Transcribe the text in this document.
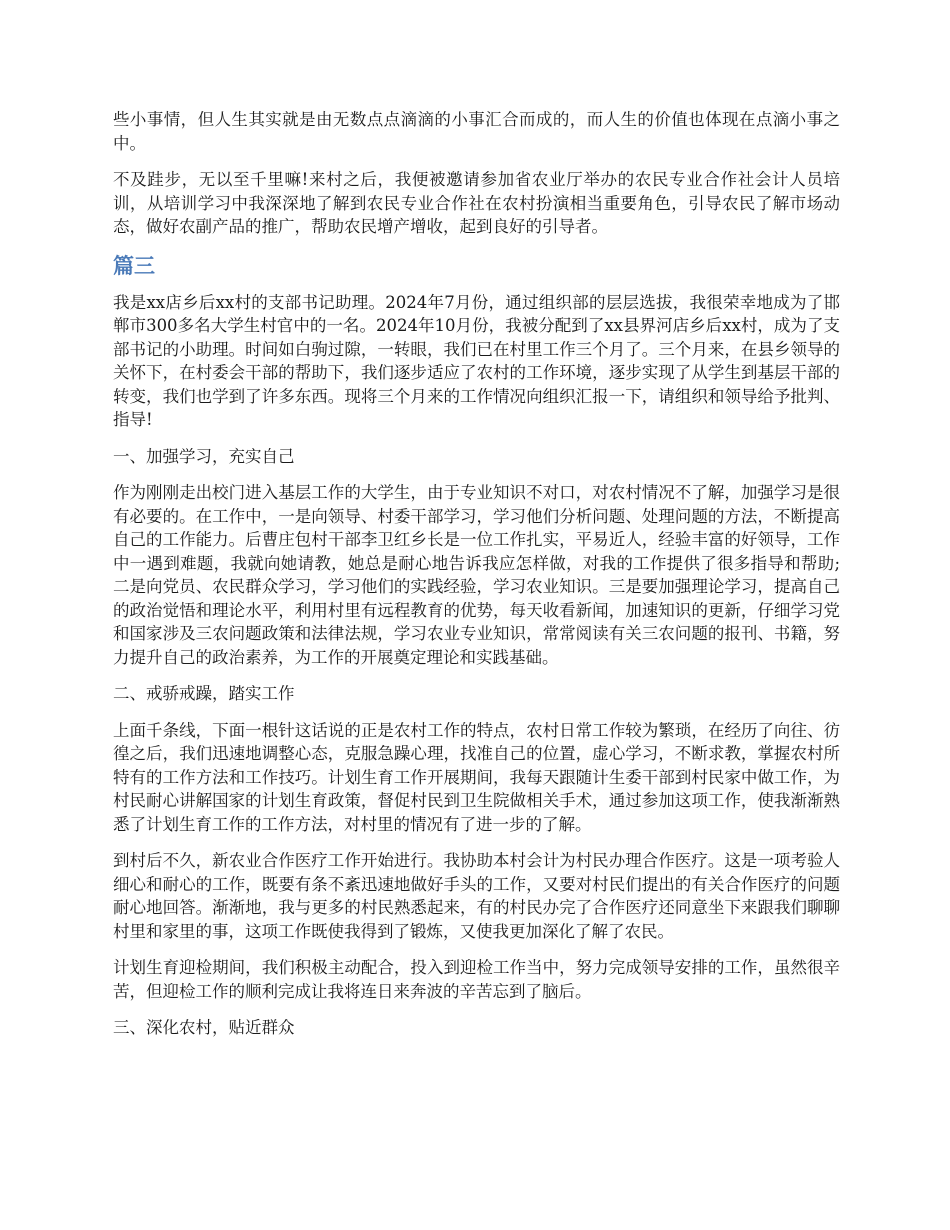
些小事情，但人生其实就是由无数点点滴滴的小事汇合而成的，而人生的价值也体现在点滴小事之中。

不及跬步，无以至千里嘛!来村之后，我便被邀请参加省农业厅举办的农民专业合作社会计人员培训，从培训学习中我深深地了解到农民专业合作社在农村扮演相当重要角色，引导农民了解市场动态，做好农副产品的推广，帮助农民增产增收，起到良好的引导者。

篇三

我是xx店乡后xx村的支部书记助理。2024年7月份，通过组织部的层层选拔，我很荣幸地成为了邯郸市300多名大学生村官中的一名。2024年10月份，我被分配到了xx县界河店乡后xx村，成为了支部书记的小助理。时间如白驹过隙，一转眼，我们已在村里工作三个月了。三个月来，在县乡领导的关怀下，在村委会干部的帮助下，我们逐步适应了农村的工作环境，逐步实现了从学生到基层干部的转变，我们也学到了许多东西。现将三个月来的工作情况向组织汇报一下，请组织和领导给予批判、指导!

一、加强学习，充实自己

作为刚刚走出校门进入基层工作的大学生，由于专业知识不对口，对农村情况不了解，加强学习是很有必要的。在工作中，一是向领导、村委干部学习，学习他们分析问题、处理问题的方法，不断提高自己的工作能力。后曹庄包村干部李卫红乡长是一位工作扎实，平易近人，经验丰富的好领导，工作中一遇到难题，我就向她请教，她总是耐心地告诉我应怎样做，对我的工作提供了很多指导和帮助;二是向党员、农民群众学习，学习他们的实践经验，学习农业知识。三是要加强理论学习，提高自己的政治觉悟和理论水平，利用村里有远程教育的优势，每天收看新闻，加速知识的更新，仔细学习党和国家涉及三农问题政策和法律法规，学习农业专业知识，常常阅读有关三农问题的报刊、书籍，努力提升自己的政治素养，为工作的开展奠定理论和实践基础。

二、戒骄戒躁，踏实工作

上面千条线，下面一根针这话说的正是农村工作的特点，农村日常工作较为繁琐，在经历了向往、彷徨之后，我们迅速地调整心态，克服急躁心理，找准自己的位置，虚心学习，不断求教，掌握农村所特有的工作方法和工作技巧。计划生育工作开展期间，我每天跟随计生委干部到村民家中做工作，为村民耐心讲解国家的计划生育政策，督促村民到卫生院做相关手术，通过参加这项工作，使我渐渐熟悉了计划生育工作的工作方法，对村里的情况有了进一步的了解。

到村后不久，新农业合作医疗工作开始进行。我协助本村会计为村民办理合作医疗。这是一项考验人细心和耐心的工作，既要有条不紊迅速地做好手头的工作，又要对村民们提出的有关合作医疗的问题耐心地回答。渐渐地，我与更多的村民熟悉起来，有的村民办完了合作医疗还同意坐下来跟我们聊聊村里和家里的事，这项工作既使我得到了锻炼，又使我更加深化了解了农民。

计划生育迎检期间，我们积极主动配合，投入到迎检工作当中，努力完成领导安排的工作，虽然很辛苦，但迎检工作的顺利完成让我将连日来奔波的辛苦忘到了脑后。

三、深化农村，贴近群众
